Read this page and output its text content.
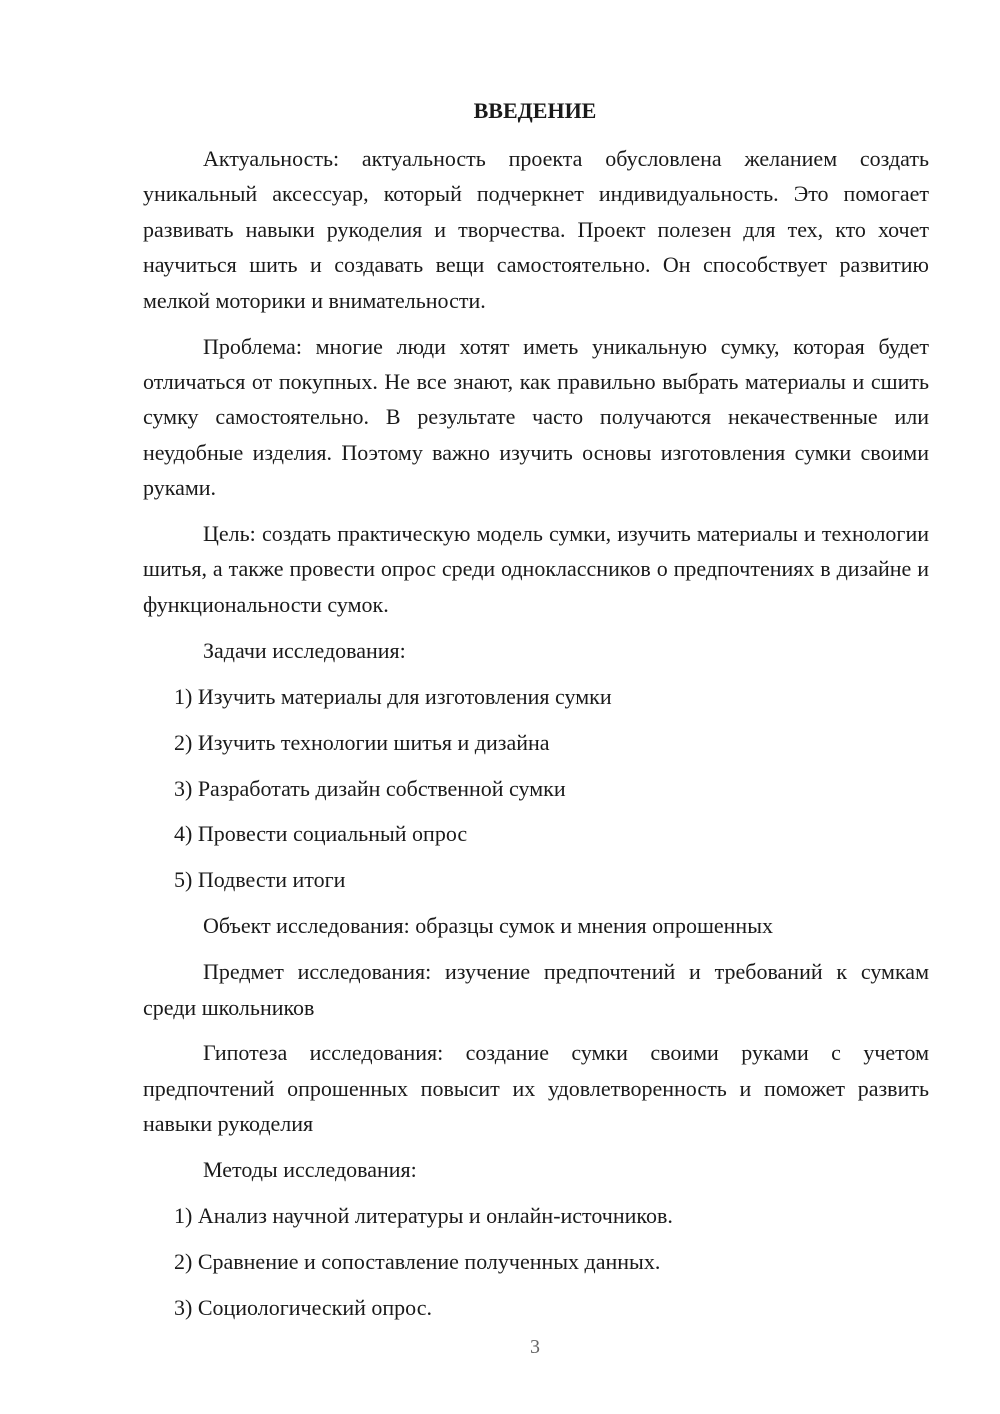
ВВЕДЕНИЕ

Актуальность: актуальность проекта обусловлена желанием создать уникальный аксессуар, который подчеркнет индивидуальность. Это помогает развивать навыки рукоделия и творчества. Проект полезен для тех, кто хочет научиться шить и создавать вещи самостоятельно. Он способствует развитию мелкой моторики и внимательности.

Проблема: многие люди хотят иметь уникальную сумку, которая будет отличаться от покупных. Не все знают, как правильно выбрать материалы и сшить сумку самостоятельно. В результате часто получаются некачественные или неудобные изделия. Поэтому важно изучить основы изготовления сумки своими руками.

Цель: создать практическую модель сумки, изучить материалы и технологии шитья, а также провести опрос среди одноклассников о предпочтениях в дизайне и функциональности сумок.

Задачи исследования:

1) Изучить материалы для изготовления сумки

2) Изучить технологии шитья и дизайна

3) Разработать дизайн собственной сумки

4) Провести социальный опрос

5) Подвести итоги

Объект исследования: образцы сумок и мнения опрошенных

Предмет исследования: изучение предпочтений и требований к сумкам среди школьников

Гипотеза исследования: создание сумки своими руками с учетом предпочтений опрошенных повысит их удовлетворенность и поможет развить навыки рукоделия

Методы исследования:

1) Анализ научной литературы и онлайн-источников.

2) Сравнение и сопоставление полученных данных.

3) Социологический опрос.

3
